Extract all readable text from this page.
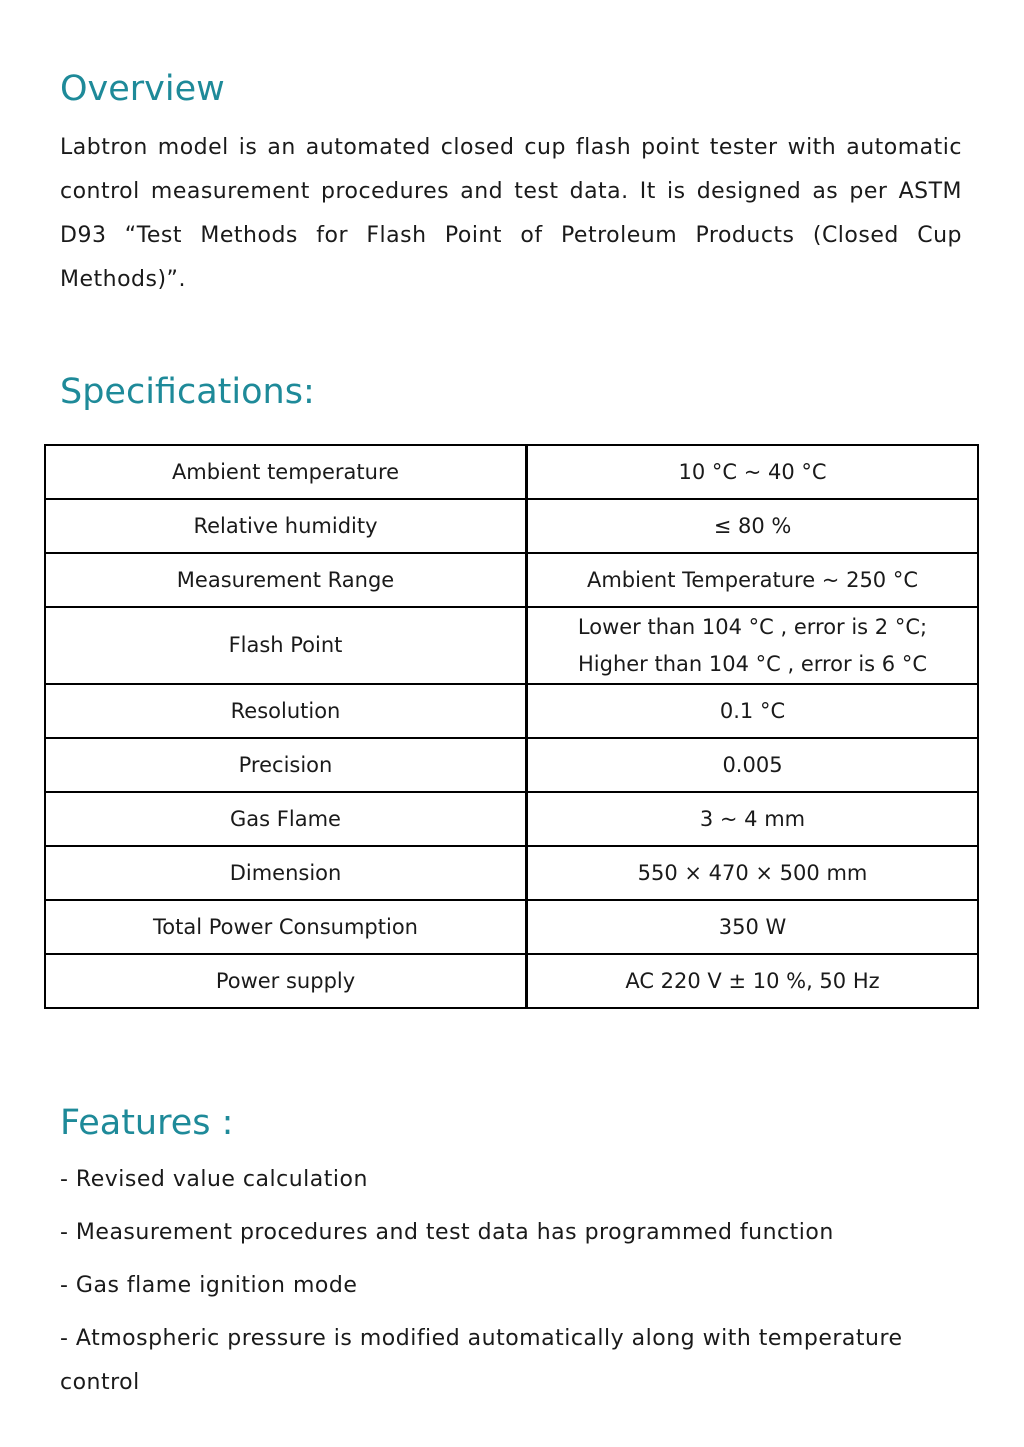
Overview

Labtron model is an automated closed cup flash point tester with automatic control measurement procedures and test data. It is designed as per ASTM D93 “Test Methods for Flash Point of Petroleum Products (Closed Cup Methods)”.

Specifications:
Ambient temperature	10 °C ~ 40 °C
Relative humidity	≤ 80 %
Measurement Range	Ambient Temperature ~ 250 °C
Flash Point	Lower than 104 °C , error is 2 °C;
Higher than 104 °C , error is 6 °C

Resolution	0.1 °C
Precision	0.005
Gas Flame	3 ~ 4 mm
Dimension	550 × 470 × 500 mm
Total Power Consumption	350 W
Power supply	AC 220 V ± 10 %, 50 Hz
Features :
- Revised value calculation
- Measurement procedures and test data has programmed function
- Gas flame ignition mode
- Atmospheric pressure is modified automatically along with temperature control
